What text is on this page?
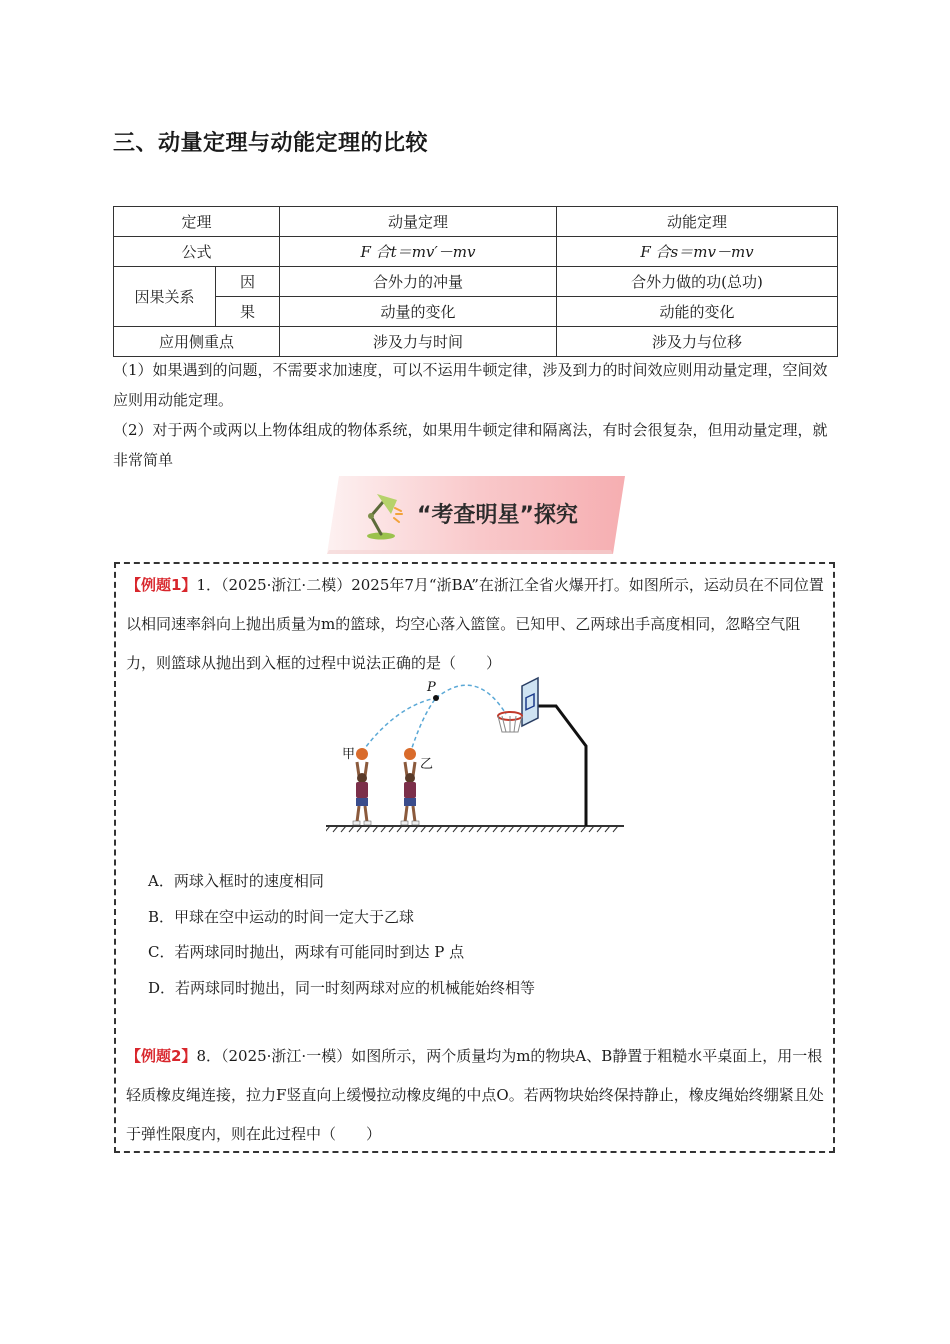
三、动量定理与动能定理的比较
定理		动量定理	动能定理
公式		F 合t＝mv′－mv	F 合s＝mv－mv
因果关系	因	合外力的冲量	合外力做的功(总功)
	果	动量的变化	动能的变化
应用侧重点		涉及力与时间	涉及力与位移

（1）如果遇到的问题，不需要求加速度，可以不运用牛顿定律，涉及到力的时间效应则用动量定理，空间效应则用动能定理。

（2）对于两个或两以上物体组成的物体系统，如果用牛顿定律和隔离法，有时会很复杂，但用动量定理，就非常简单

“考查明星”探究
【例题1】1．（2025·浙江·二模）2025年7月“浙BA”在浙江全省火爆开打。如图所示，运动员在不同位置以相同速率斜向上抛出质量为m的篮球，均空心落入篮筐。已知甲、乙两球出手高度相同，忽略空气阻力，则篮球从抛出到入框的过程中说法正确的是（　　）
P
甲
乙
A．两球入框时的速度相同
B．甲球在空中运动的时间一定大于乙球
C．若两球同时抛出，两球有可能同时到达 P 点
D．若两球同时抛出，同一时刻两球对应的机械能始终相等
【例题2】8．（2025·浙江·一模）如图所示，两个质量均为m的物块A、B静置于粗糙水平桌面上，用一根轻质橡皮绳连接，拉力F竖直向上缓慢拉动橡皮绳的中点O。若两物块始终保持静止，橡皮绳始终绷紧且处于弹性限度内，则在此过程中（　　）
